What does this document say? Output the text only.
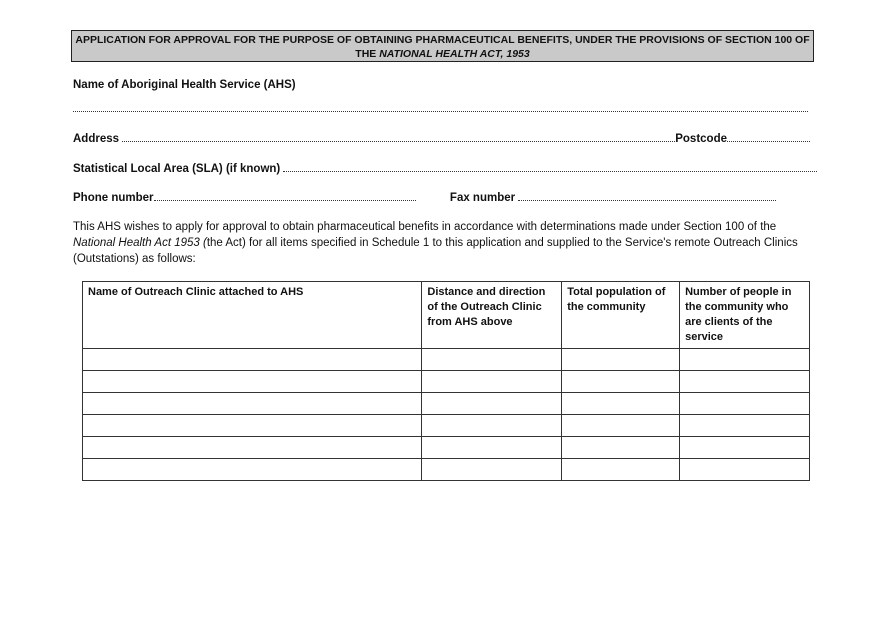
APPLICATION FOR APPROVAL FOR THE PURPOSE OF OBTAINING PHARMACEUTICAL BENEFITS, UNDER THE PROVISIONS OF SECTION 100 OF
THE NATIONAL HEALTH ACT, 1953
Name of Aboriginal Health Service (AHS)
Address	Postcode
Statistical Local Area (SLA) (if known)
Phone number	Fax number
This AHS wishes to apply for approval to obtain pharmaceutical benefits in accordance with determinations made under Section 100 of the National Health Act 1953 (the Act) for all items specified in Schedule 1 to this application and supplied to the Service's remote Outreach Clinics (Outstations) as follows:
Name of Outreach Clinic attached to AHS	Distance and direction of the Outreach Clinic from AHS above	Total population of the community	Number of people in the community who are clients of the service
